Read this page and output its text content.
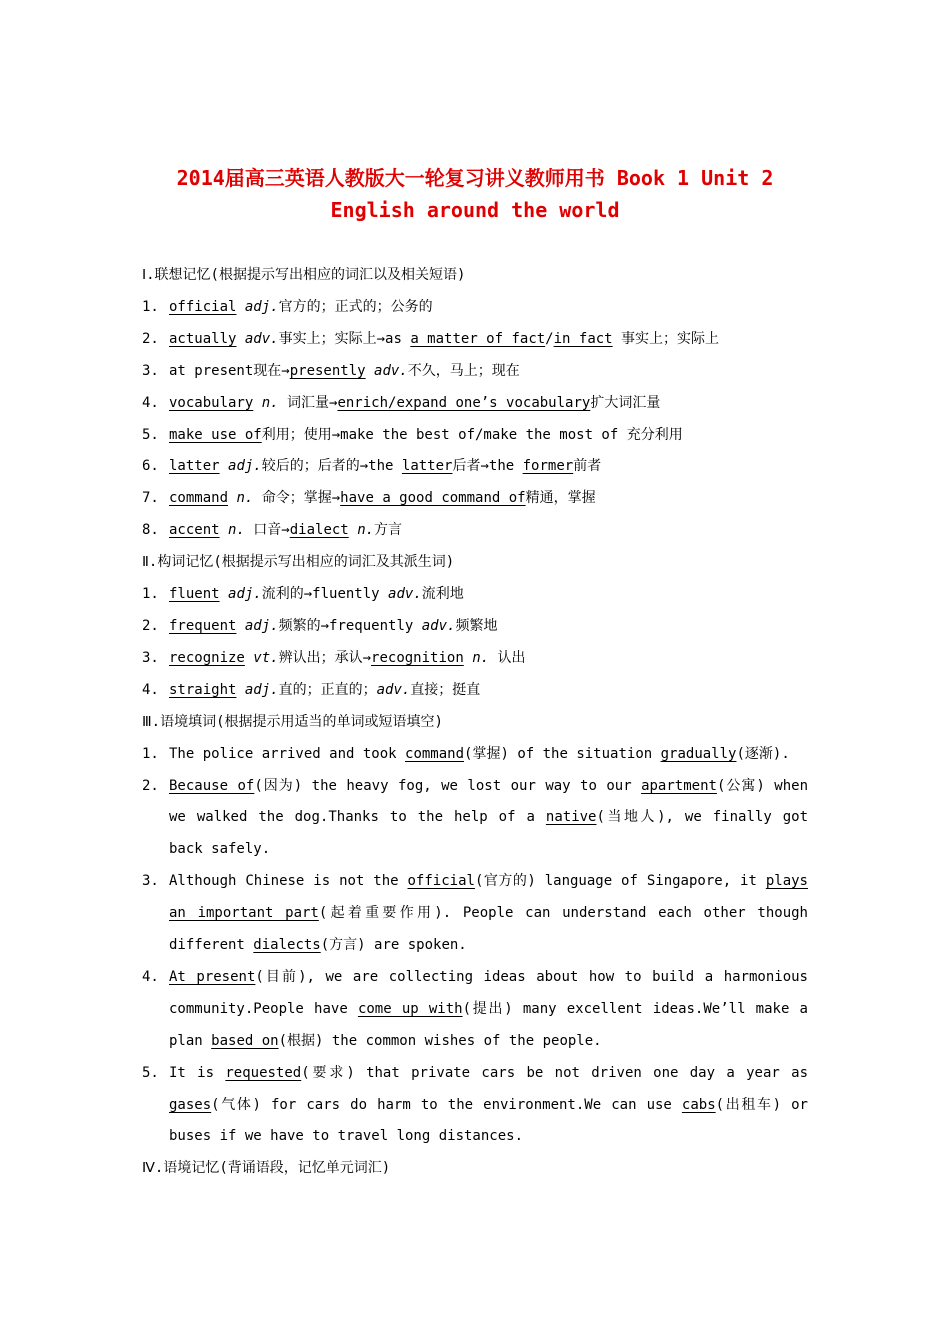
2014届高三英语人教版大一轮复习讲义教师用书 Book 1 Unit 2
English around the world
Ⅰ.联想记忆(根据提示写出相应的词汇以及相关短语)
1. official adj.官方的；正式的；公务的
2. actually adv.事实上；实际上→as a matter of fact/in fact 事实上；实际上
3. at present现在→presently adv.不久，马上；现在
4. vocabulary n. 词汇量→enrich/expand one’s vocabulary扩大词汇量
5. make use of利用；使用→make the best of/make the most of 充分利用
6. latter adj.较后的；后者的→the latter后者→the former前者
7. command n. 命令；掌握→have a good command of精通，掌握
8. accent n. 口音→dialect n.方言
Ⅱ.构词记忆(根据提示写出相应的词汇及其派生词)
1. fluent adj.流利的→fluently adv.流利地
2. frequent adj.频繁的→frequently adv.频繁地
3. recognize vt.辨认出；承认→recognition n. 认出
4. straight adj.直的；正直的；adv.直接；挺直
Ⅲ.语境填词(根据提示用适当的单词或短语填空)
1. The police arrived and took command(掌握) of the situation gradually(逐渐).
2. Because of(因为) the heavy fog, we lost our way to our apartment(公寓) when we walked the dog.Thanks to the help of a native(当地人), we finally got back safely.
3. Although Chinese is not the official(官方的) language of Singapore, it plays an important part(起着重要作用). People can understand each other though different dialects(方言) are spoken.
4. At present(目前), we are collecting ideas about how to build a harmonious community.People have come up with(提出) many excellent ideas.We’ll make a plan based on(根据) the common wishes of the people.
5. It is requested(要求) that private cars be not driven one day a year as gases(气体) for cars do harm to the environment.We can use cabs(出租车) or buses if we have to travel long distances.
Ⅳ.语境记忆(背诵语段，记忆单元词汇)
